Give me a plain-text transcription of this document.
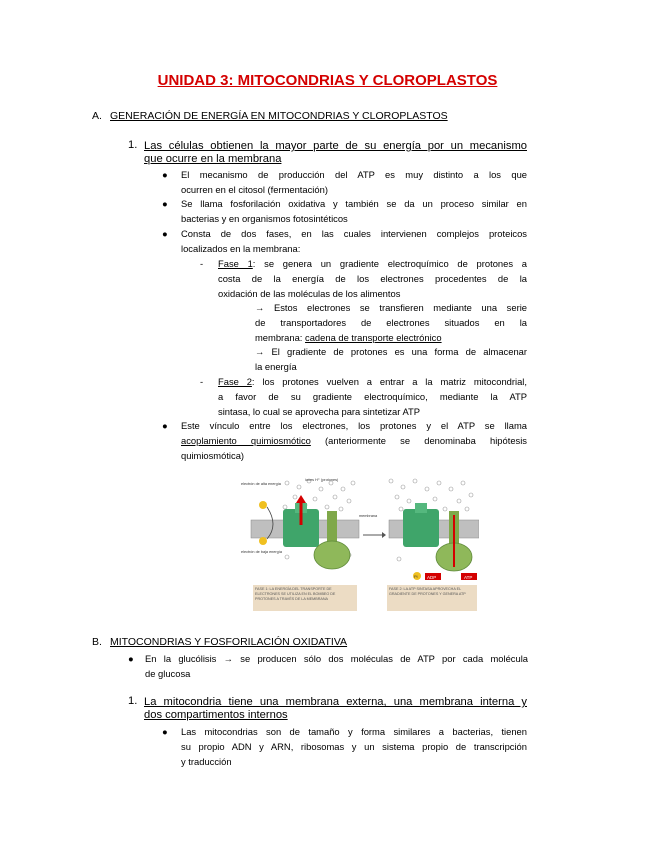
UNIDAD 3: MITOCONDRIAS Y CLOROPLASTOS
A. GENERACIÓN DE ENERGÍA EN MITOCONDRIAS Y CLOROPLASTOS
1. Las células obtienen la mayor parte de su energía por un mecanismo
que ocurre en la membrana
● El mecanismo de producción del ATP es muy distinto a los que
ocurren en el citosol (fermentación)
● Se llama fosforilación oxidativa y también se da un proceso similar en
bacterias y en organismos fotosintéticos
● Consta de dos fases, en las cuales intervienen complejos proteicos
localizados en la membrana:
- Fase 1: se genera un gradiente electroquímico de protones a
costa de la energía de los electrones procedentes de la
oxidación de las moléculas de los alimentos
→ Estos electrones se transfieren mediante una serie
de transportadores de electrones situados en la
membrana: cadena de transporte electrónico
→ El gradiente de protones es una forma de almacenar
la energía
- Fase 2: los protones vuelven a entrar a la matriz mitocondrial,
a favor de su gradiente electroquímico, mediante la ATP
sintasa, lo cual se aprovecha para sintetizar ATP
● Este vínculo entre los electrones, los protones y el ATP se llama
acoplamiento quimiosmótico (anteriormente se denominaba hipótesis
quimiosmótica)
electrón de alta energía
iones H⁺ (protones)
membrana
electrón de baja energía
ADP	ATP
Pi
FASE 1: LA ENERGÍA DEL TRANSPORTE DE ELECTRONES SE UTILIZA EN EL BOMBEO DE PROTONES A TRAVÉS DE LA MEMBRANA
FASE 2: LA ATP SINTASA APROVECHA EL GRADIENTE DE PROTONES Y GENERA ATP
B. MITOCONDRIAS Y FOSFORILACIÓN OXIDATIVA
● En la glucólisis → se producen sólo dos moléculas de ATP por cada molécula
de glucosa
1. La mitocondria tiene una membrana externa, una membrana interna y
dos compartimentos internos
● Las mitocondrias son de tamaño y forma similares a bacterias, tienen
su propio ADN y ARN, ribosomas y un sistema propio de transcripción
y traducción
